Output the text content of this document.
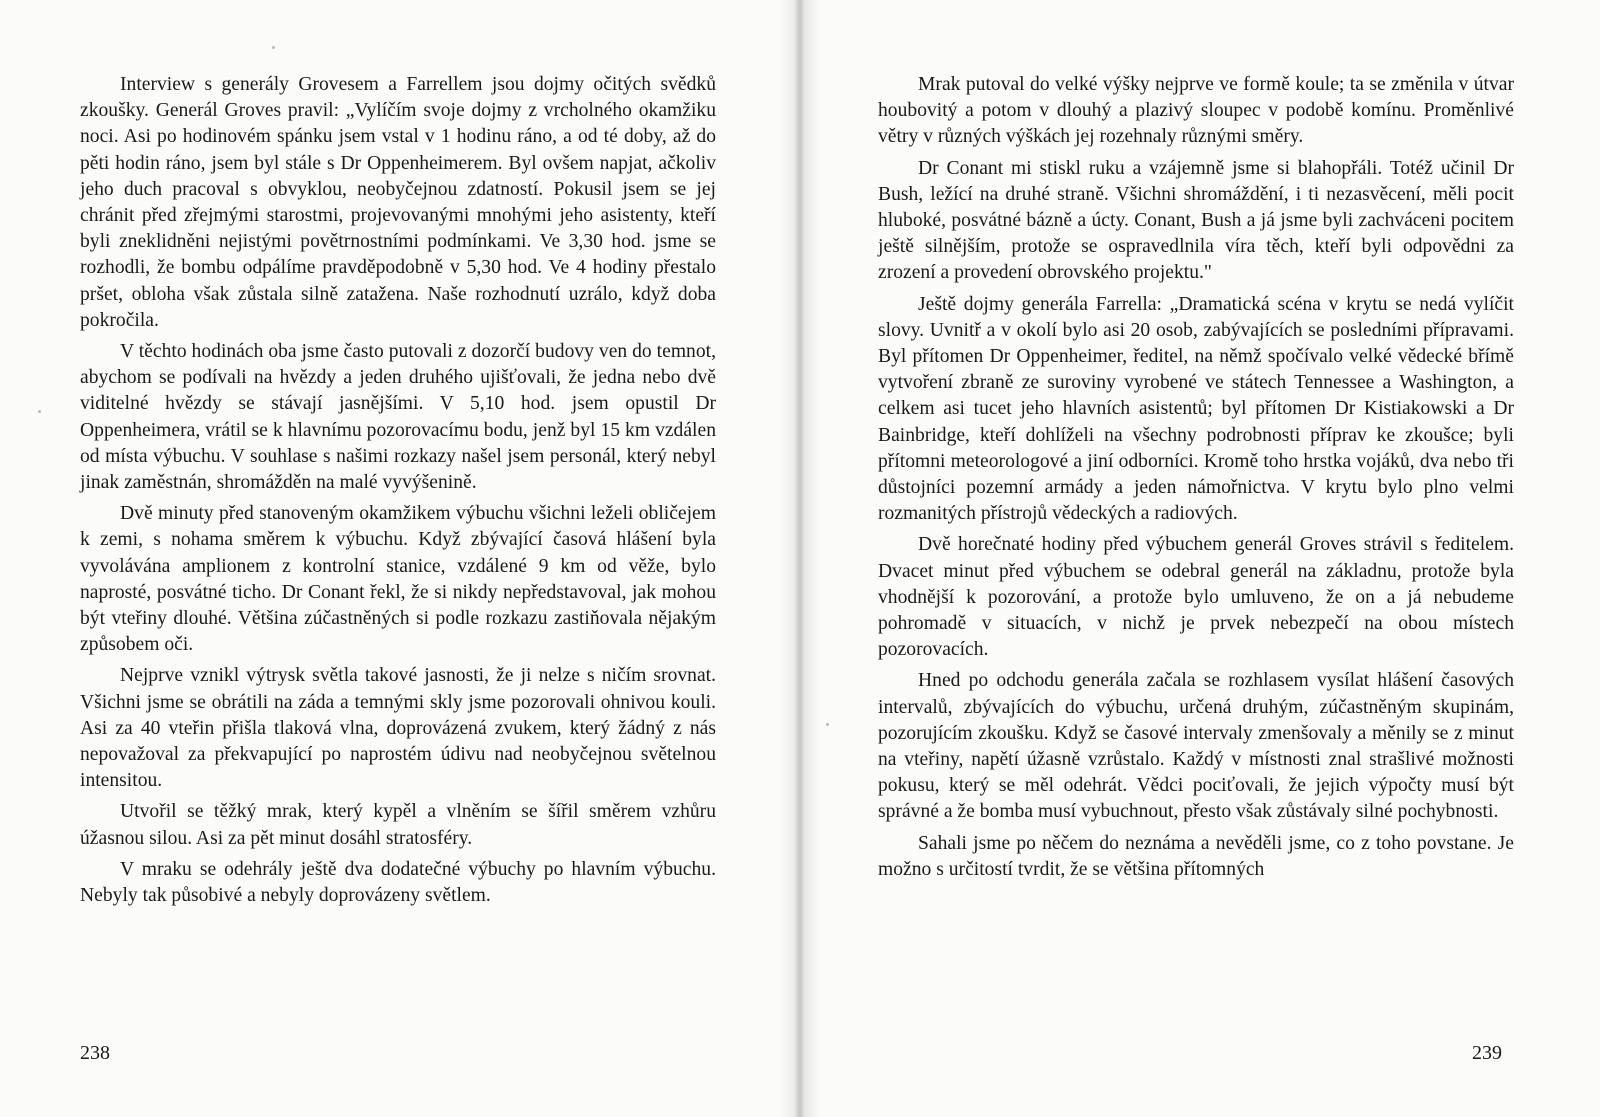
Interview s generály Grovesem a Farrellem jsou dojmy očitých svědků zkoušky. Generál Groves pravil: „Vylíčím svoje dojmy z vrcholného okamžiku noci. Asi po hodinovém spánku jsem vstal v 1 hodinu ráno, a od té doby, až do pěti hodin ráno, jsem byl stále s Dr Oppenheimerem. Byl ovšem napjat, ačkoliv jeho duch pracoval s obvyklou, neobyčejnou zdatností. Pokusil jsem se jej chránit před zřejmými starostmi, projevovanými mnohými jeho asistenty, kteří byli zneklidněni nejistými povětrnostními podmínkami. Ve 3,30 hod. jsme se rozhodli, že bombu odpálíme pravděpodobně v 5,30 hod. Ve 4 hodiny přestalo pršet, obloha však zůstala silně zatažena. Naše rozhodnutí uzrálo, když doba pokročila.

V těchto hodinách oba jsme často putovali z dozorčí budovy ven do temnot, abychom se podívali na hvězdy a jeden druhého ujišťovali, že jedna nebo dvě viditelné hvězdy se stávají jasnějšími. V 5,10 hod. jsem opustil Dr Oppenheimera, vrátil se k hlavnímu pozorovacímu bodu, jenž byl 15 km vzdálen od místa výbuchu. V souhlase s našimi rozkazy našel jsem personál, který nebyl jinak zaměstnán, shromážděn na malé vyvýšenině.

Dvě minuty před stanoveným okamžikem výbuchu všichni leželi obličejem k zemi, s nohama směrem k výbuchu. Když zbývající časová hlášení byla vyvolávána amplionem z kontrolní stanice, vzdálené 9 km od věže, bylo naprosté, posvátné ticho. Dr Conant řekl, že si nikdy nepředstavoval, jak mohou být vteřiny dlouhé. Většina zúčastněných si podle rozkazu zastiňovala nějakým způsobem oči.

Nejprve vznikl výtrysk světla takové jasnosti, že ji nelze s ničím srovnat. Všichni jsme se obrátili na záda a temnými skly jsme pozorovali ohnivou kouli. Asi za 40 vteřin přišla tlaková vlna, doprovázená zvukem, který žádný z nás nepovažoval za překvapující po naprostém údivu nad neobyčejnou světelnou intensitou.

Utvořil se těžký mrak, který kypěl a vlněním se šířil směrem vzhůru úžasnou silou. Asi za pět minut dosáhl stratosféry.

V mraku se odehrály ještě dva dodatečné výbuchy po hlavním výbuchu. Nebyly tak působivé a nebyly doprovázeny světlem.

238

Mrak putoval do velké výšky nejprve ve formě koule; ta se změnila v útvar houbovitý a potom v dlouhý a plazivý sloupec v podobě komínu. Proměnlivé větry v různých výškách jej rozehnaly různými směry.

Dr Conant mi stiskl ruku a vzájemně jsme si blahopřáli. Totéž učinil Dr Bush, ležící na druhé straně. Všichni shromáždění, i ti nezasvěcení, měli pocit hluboké, posvátné bázně a úcty. Conant, Bush a já jsme byli zachváceni pocitem ještě silnějším, protože se ospravedlnila víra těch, kteří byli odpovědni za zrození a provedení obrovského projektu."

Ještě dojmy generála Farrella: „Dramatická scéna v krytu se nedá vylíčit slovy. Uvnitř a v okolí bylo asi 20 osob, zabývajících se posledními přípravami. Byl přítomen Dr Oppenheimer, ředitel, na němž spočívalo velké vědecké břímě vytvoření zbraně ze suroviny vyrobené ve státech Tennessee a Washington, a celkem asi tucet jeho hlavních asistentů; byl přítomen Dr Kistiakowski a Dr Bainbridge, kteří dohlíželi na všechny podrobnosti příprav ke zkoušce; byli přítomni meteorologové a jiní odborníci. Kromě toho hrstka vojáků, dva nebo tři důstojníci pozemní armády a jeden námořnictva. V krytu bylo plno velmi rozmanitých přístrojů vědeckých a radiových.

Dvě horečnaté hodiny před výbuchem generál Groves strávil s ředitelem. Dvacet minut před výbuchem se odebral generál na základnu, protože byla vhodnější k pozorování, a protože bylo umluveno, že on a já nebudeme pohromadě v situacích, v nichž je prvek nebezpečí na obou místech pozorovacích.

Hned po odchodu generála začala se rozhlasem vysílat hlášení časových intervalů, zbývajících do výbuchu, určená druhým, zúčastněným skupinám, pozorujícím zkoušku. Když se časové intervaly zmenšovaly a měnily se z minut na vteřiny, napětí úžasně vzrůstalo. Každý v místnosti znal strašlivé možnosti pokusu, který se měl odehrát. Vědci pociťovali, že jejich výpočty musí být správné a že bomba musí vybuchnout, přesto však zůstávaly silné pochybnosti.

Sahali jsme po něčem do neznáma a nevěděli jsme, co z toho povstane. Je možno s určitostí tvrdit, že se většina přítomných

239
